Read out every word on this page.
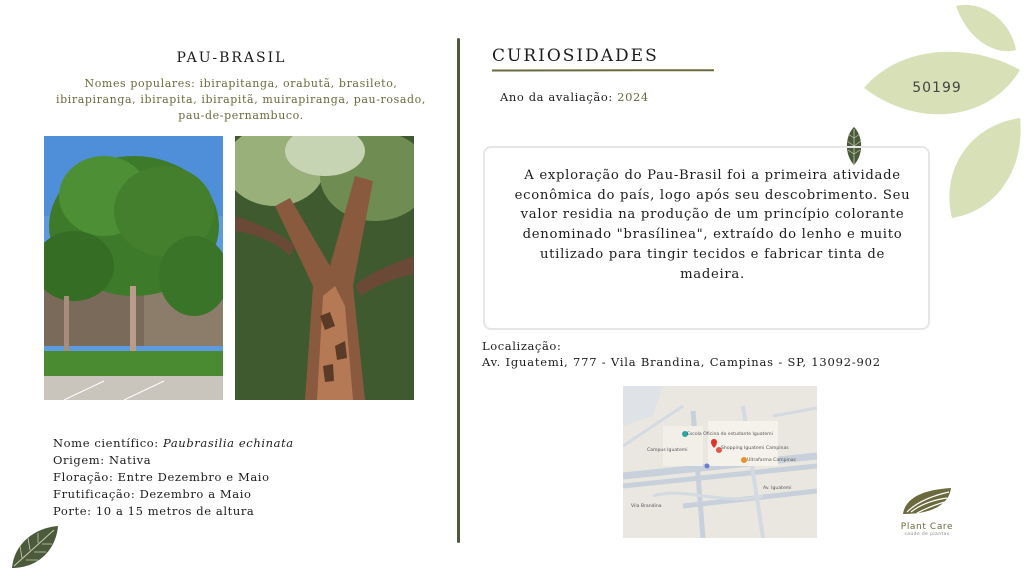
50199
PAU-BRASIL
Nomes populares: ibirapitanga, orabutã, brasileto, ibirapiranga, ibirapita, ibirapitã, muirapiranga, pau-rosado, pau-de-pernambuco.
Nome científico: Paubrasilia echinata
Origem: Nativa
Floração: Entre Dezembro e Maio
Frutificação: Dezembro a Maio
Porte: 10 a 15 metros de altura
CURIOSIDADES
Ano da avaliação: 2024

A exploração do Pau-Brasil foi a primeira atividade econômica do país, logo após seu descobrimento. Seu valor residia na produção de um princípio colorante denominado "brasílinea", extraído do lenho e muito utilizado para tingir tecidos e fabricar tinta de madeira.

Localização:
Av. Iguatemi, 777 - Vila Brandina, Campinas - SP, 13092-902
Escola Oficina do estudante Iguatemi
Shopping Iguatemi Campinas
Ultrafarma Campinas
Campus Iguatemi
Av. Iguatemi
Vila Brandina
Plant Care
saúde de plantas
